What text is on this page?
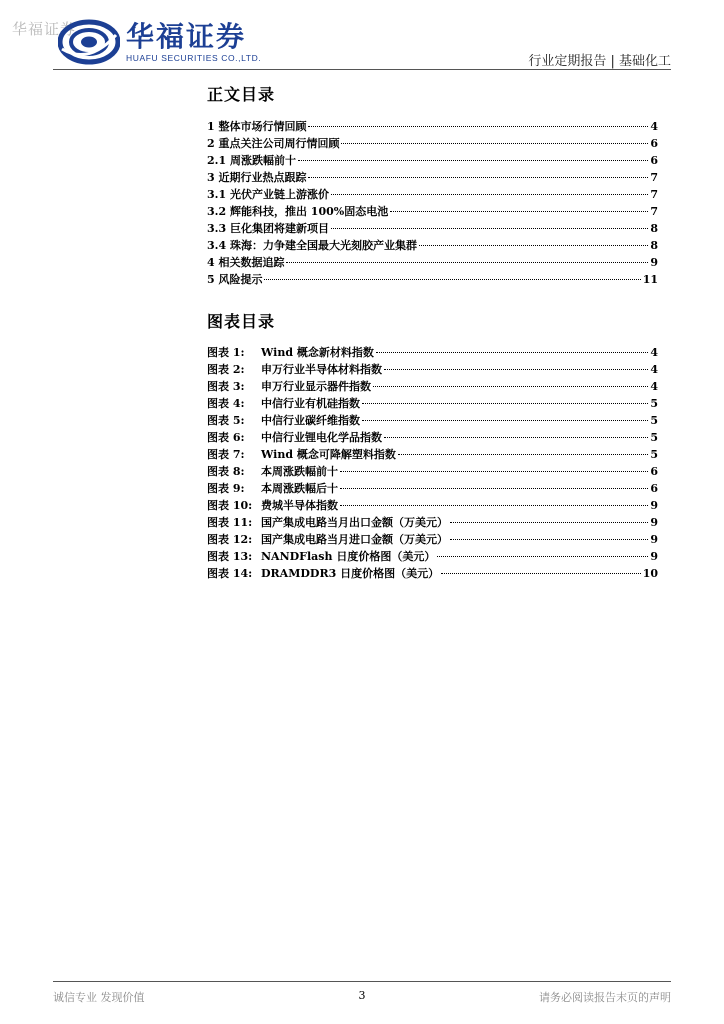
华福证券 华福证券
HUAFU SECURITIES CO.,LTD.	行业定期报告 | 基础化工
正文目录
1 整体市场行情回顾	4
2 重点关注公司周行情回顾	6
2.1 周涨跌幅前十	6
3 近期行业热点跟踪	7
3.1 光伏产业链上游涨价	7
3.2 辉能科技，推出 100%固态电池	7
3.3 巨化集团将建新项目	8
3.4 珠海：力争建全国最大光刻胶产业集群	8
4 相关数据追踪	9
5 风险提示	11
图表目录
图表 1: Wind 概念新材料指数	4
图表 2: 申万行业半导体材料指数	4
图表 3: 申万行业显示器件指数	4
图表 4: 中信行业有机硅指数	5
图表 5: 中信行业碳纤维指数	5
图表 6: 中信行业锂电化学品指数	5
图表 7: Wind 概念可降解塑料指数	5
图表 8: 本周涨跌幅前十	6
图表 9: 本周涨跌幅后十	6
图表 10: 费城半导体指数	9
图表 11: 国产集成电路当月出口金额（万美元）	9
图表 12: 国产集成电路当月进口金额（万美元）	9
图表 13: NANDFlash 日度价格图（美元）	9
图表 14: DRAMDDR3 日度价格图（美元）	10
诚信专业 发现价值	3	请务必阅读报告末页的声明
